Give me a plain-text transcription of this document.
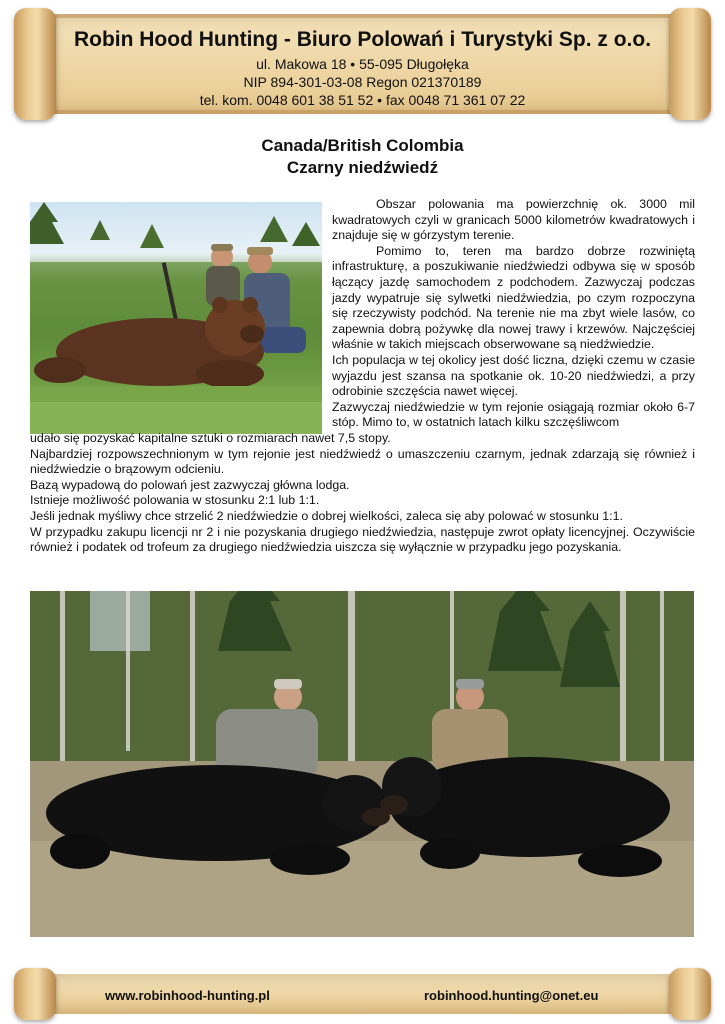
Robin Hood Hunting - Biuro Polowań i Turystyki Sp. z o.o.
ul. Makowa 18 • 55-095 Długołęka
NIP 894-301-03-08 Regon 021370189
tel. kom. 0048 601 38 51 52 • fax 0048 71 361 07 22
Canada/British Colombia
Czarny niedźwiedź

Obszar polowania ma powierzchnię ok. 3000 mil kwadratowych czyli w granicach 5000 kilometrów kwadratowych i znajduje się w górzystym terenie.
Pomimo to, teren ma bardzo dobrze rozwiniętą infrastrukturę, a poszukiwanie niedźwiedzi odbywa się w sposób łączący jazdę samochodem z podchodem. Zazwyczaj podczas jazdy wypatruje się sylwetki niedźwiedzia, po czym rozpoczyna się rzeczywisty podchód. Na terenie nie ma zbyt wiele lasów, co zapewnia dobrą pożywkę dla nowej trawy i krzewów. Najczęściej właśnie w takich miejscach obserwowane są niedźwiedzie.
Ich populacja w tej okolicy jest dość liczna, dzięki czemu w czasie wyjazdu jest szansa na spotkanie ok. 10-20 niedźwiedzi, a przy odrobinie szczęścia nawet więcej.
Zazwyczaj niedźwiedzie w tym rejonie osiągają rozmiar około 6-7 stóp. Mimo to, w ostatnich latach kilku szczęśliwcom

udało się pozyskać kapitalne sztuki o rozmiarach nawet 7,5 stopy.
Najbardziej rozpowszechnionym w tym rejonie jest niedźwiedź o umaszczeniu czarnym, jednak zdarzają się również i niedźwiedzie o brązowym odcieniu.
Bazą wypadową do polowań jest zazwyczaj główna lodga.
Istnieje możliwość polowania w stosunku 2:1 lub 1:1.
Jeśli jednak myśliwy chce strzelić 2 niedźwiedzie o dobrej wielkości, zaleca się aby polować w stosunku 1:1.
W przypadku zakupu licencji nr 2 i nie pozyskania drugiego niedźwiedzia, następuje zwrot opłaty licencyjnej. Oczywiście również i podatek od trofeum za drugiego niedźwiedzia uiszcza się wyłącznie w przypadku jego pozyskania.

www.robinhood-hunting.pl	robinhood.hunting@onet.eu
